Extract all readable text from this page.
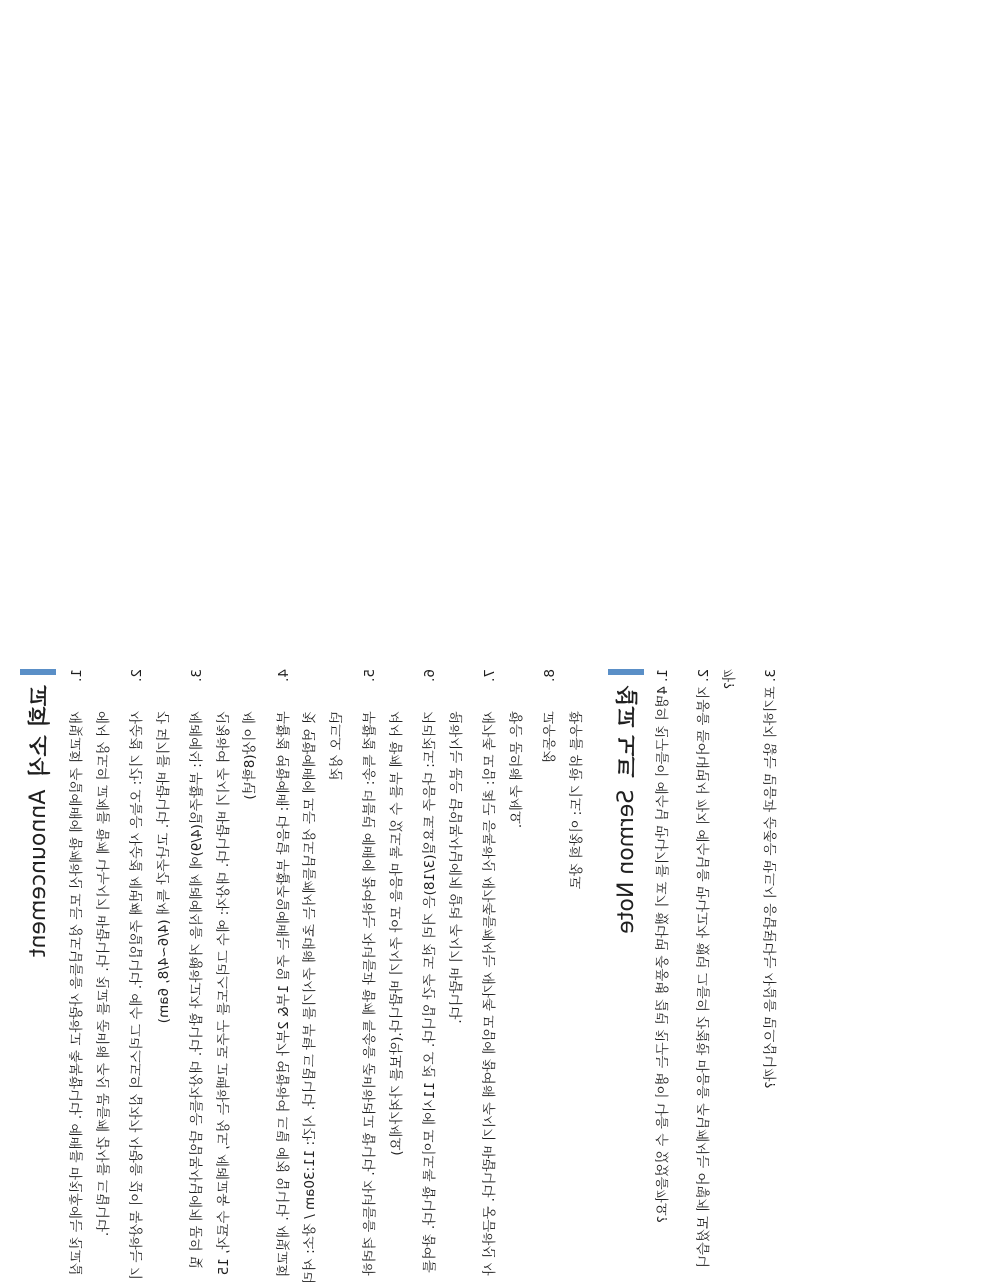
교회 소식
Announcement
1.
새빛교회 주일예배에 함께하신 모든 성도님들을 사랑하고 축복합니다. 예배를 마친후에는 친교실에서 성도의 교제를 함께 나누시기 바랍니다. 친교를 준비해 주신 분들께 감사를 드립니다.
2.
사순절 기간: 오늘은 사순절 세번째 주일입니다. 예수 그리스도의 십자가 사랑을 깊이 묵상하는 기간 되기를 바랍니다. 고난주간 특새 (4/6~4/8, 6am)
3.
세례예식: 부활주일(4/9)에 세례예식을 거행하고자 합니다. 대상자들은 담임목사님에게 문의 및 신청하여 주시기 바랍니다. 대상자: 예수 그리스도를 구주로 고백하는 성도, 세례교육 수료자, 15세 이상(8학년)
4.
부활절 연합예배: 다음달 부활주일예배는 주일 1부& 2부가 연합하여 드릴 예정 입니다. 새빛교회 첫 연합예배에 모든 성도님들께서는 초대해 주시기를 부탁 드립니다. 시간: 11:30am / 장소: 셔리던드오 성전
5.
부활절 특송: 더블린 예배에 참여하는 자녀들과 함께 특송을 준비하려고 합니다. 자녀들을 격려하셔서 함께 부를 수 있도록 마음을 모아 주시기 바랍니다.(악보를 가져가세요)
6.
거리전도: 다음주 토요일(3/18)은 거리 전도 주간 입니다. 오전 11시에 모이도록 합니다. 참여를 원하시는 분은 담임목사님에게 알려 주시기 바랍니다.
7.
새가족 모임: 최근 등록하신 새가족들께서는 새가족 모임에 참여해 주시기 바랍니다. 궁금하신 사항은 문의해 주세요.
8.
교우동정 환우를 위한 기도: 이창희 장로 설교 노트
Sermon Note	1. 4명의 친구들이 예수님 만나기를 포기 했다면 중풍병 걸린 친구는 병이 나을 수 있었을까요?	2. 지붕을 뜯어내면서 까지 예수님을 만나고자 했던 그들의 간절한 마음을 주님께서는 어떻게 보셨습니까?	3. 포기하지 않는 믿음과 순종은 반드시 응답된다는 사실을 믿으십니까?
